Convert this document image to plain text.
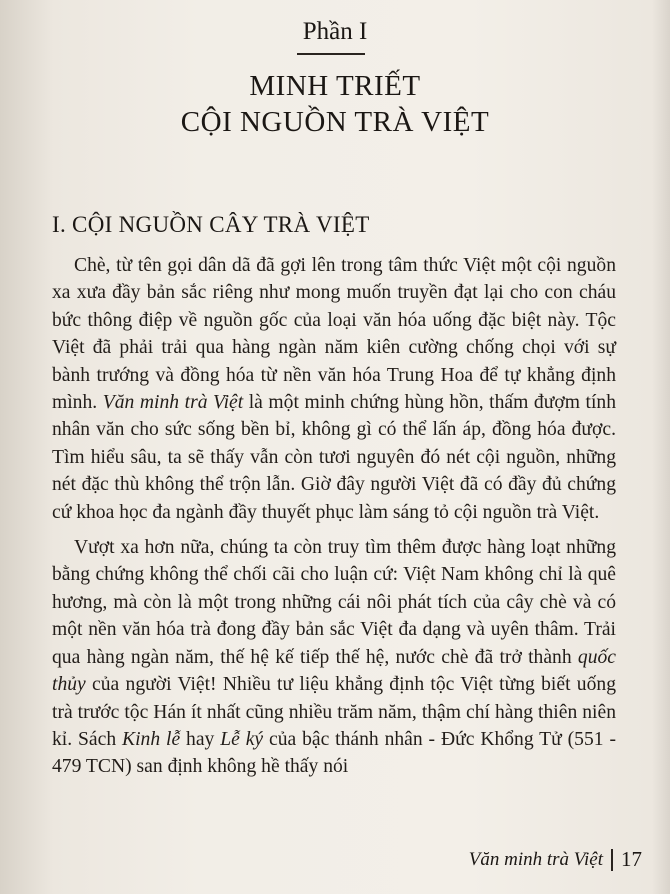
Phần I
MINH TRIẾT
CỘI NGUỒN TRÀ VIỆT
I. CỘI NGUỒN CÂY TRÀ VIỆT

Chè, từ tên gọi dân dã đã gợi lên trong tâm thức Việt một cội nguồn xa xưa đầy bản sắc riêng như mong muốn truyền đạt lại cho con cháu bức thông điệp về nguồn gốc của loại văn hóa uống đặc biệt này. Tộc Việt đã phải trải qua hàng ngàn năm kiên cường chống chọi với sự bành trướng và đồng hóa từ nền văn hóa Trung Hoa để tự khẳng định mình. Văn minh trà Việt là một minh chứng hùng hồn, thấm đượm tính nhân văn cho sức sống bền bỉ, không gì có thể lấn áp, đồng hóa được. Tìm hiểu sâu, ta sẽ thấy vẫn còn tươi nguyên đó nét cội nguồn, những nét đặc thù không thể trộn lẫn. Giờ đây người Việt đã có đầy đủ chứng cứ khoa học đa ngành đầy thuyết phục làm sáng tỏ cội nguồn trà Việt.

Vượt xa hơn nữa, chúng ta còn truy tìm thêm được hàng loạt những bằng chứng không thể chối cãi cho luận cứ: Việt Nam không chỉ là quê hương, mà còn là một trong những cái nôi phát tích của cây chè và có một nền văn hóa trà đong đầy bản sắc Việt đa dạng và uyên thâm. Trải qua hàng ngàn năm, thế hệ kế tiếp thế hệ, nước chè đã trở thành quốc thủy của người Việt! Nhiều tư liệu khẳng định tộc Việt từng biết uống trà trước tộc Hán ít nhất cũng nhiều trăm năm, thậm chí hàng thiên niên kỉ. Sách Kinh lễ hay Lễ ký của bậc thánh nhân - Đức Khổng Tử (551 - 479 TCN) san định không hề thấy nói

Văn minh trà Việt 17
